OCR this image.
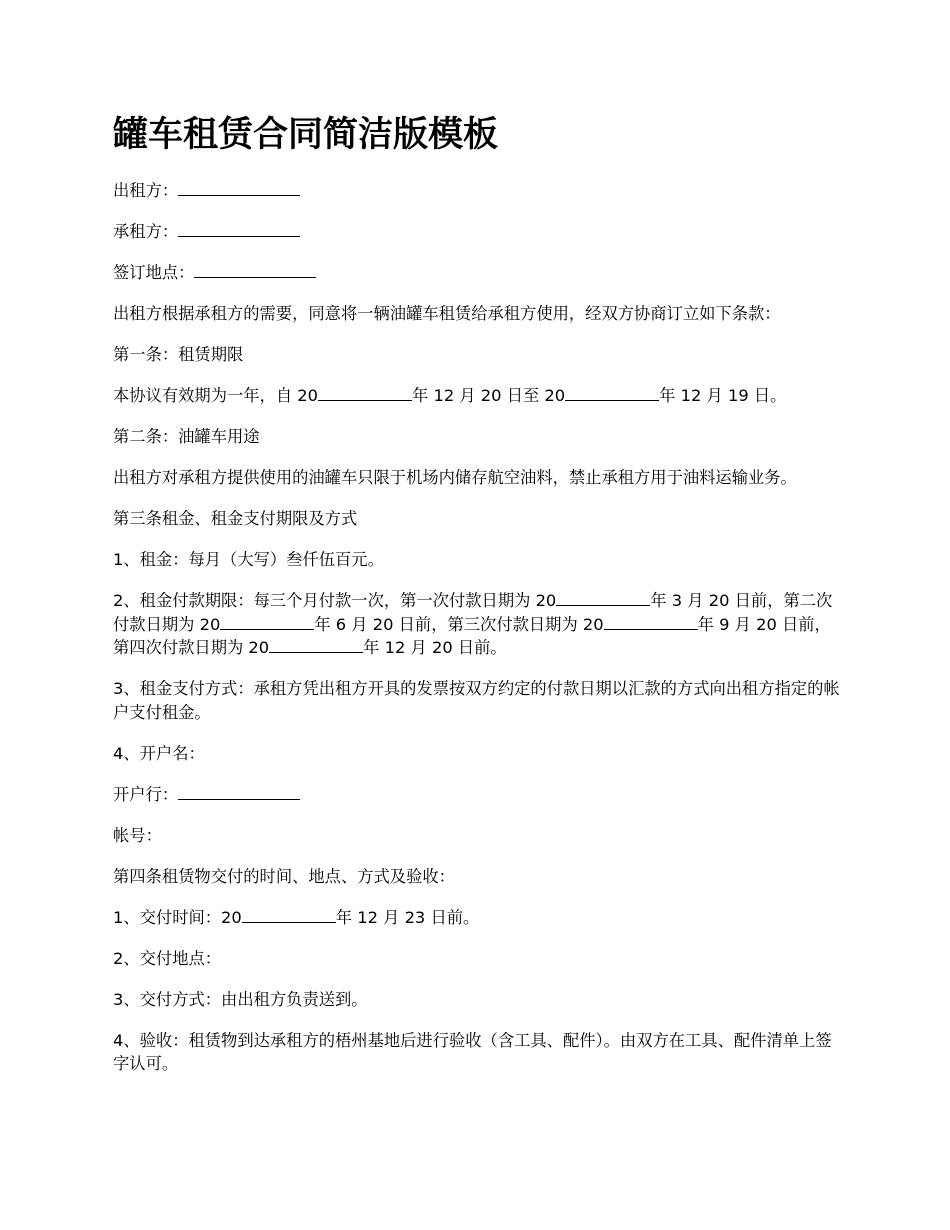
罐车租赁合同简洁版模板

出租方：

承租方：

签订地点：

出租方根据承租方的需要，同意将一辆油罐车租赁给承租方使用，经双方协商订立如下条款：

第一条：租赁期限

本协议有效期为一年，自 20	年 12 月 20 日至 20	年 12 月 19 日。

第二条：油罐车用途

出租方对承租方提供使用的油罐车只限于机场内储存航空油料，禁止承租方用于油料运输业务。

第三条租金、租金支付期限及方式

1、租金：每月（大写）叁仟伍百元。

2、租金付款期限：每三个月付款一次，第一次付款日期为 20	年 3 月 20 日前，第二次付款日期为 20	年 6 月 20 日前，第三次付款日期为 20	年 9 月 20 日前，第四次付款日期为 20	年 12 月 20 日前。

3、租金支付方式：承租方凭出租方开具的发票按双方约定的付款日期以汇款的方式向出租方指定的帐户支付租金。

4、开户名：

开户行：

帐号：

第四条租赁物交付的时间、地点、方式及验收：

1、交付时间：20	年 12 月 23 日前。

2、交付地点：

3、交付方式：由出租方负责送到。

4、验收：租赁物到达承租方的梧州基地后进行验收（含工具、配件）。由双方在工具、配件清单上签字认可。
